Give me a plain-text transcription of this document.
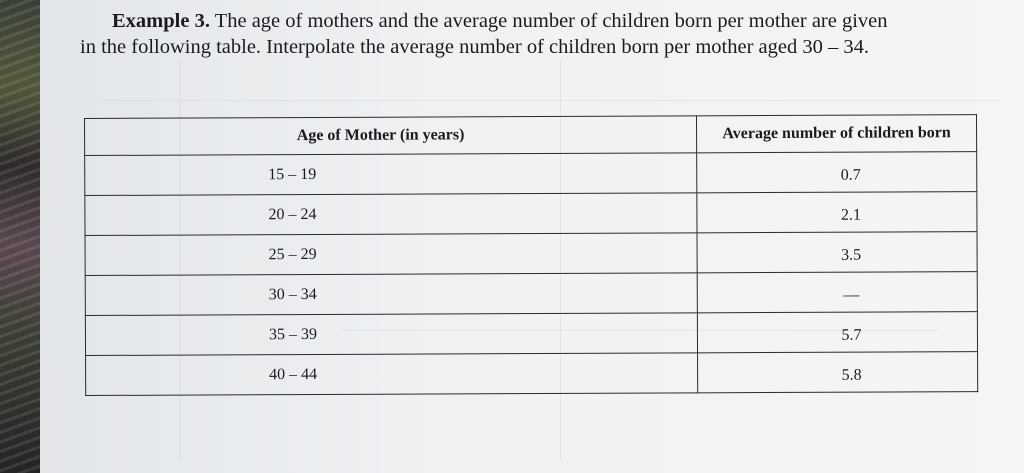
Example 3. The age of mothers and the average number of children born per mother are given
in the following table. Interpolate the average number of children born per mother aged 30 – 34.
Age of Mother (in years)	Average number of children born
15 – 19	0.7
20 – 24	2.1
25 – 29	3.5
30 – 34	—
35 – 39	5.7
40 – 44	5.8
